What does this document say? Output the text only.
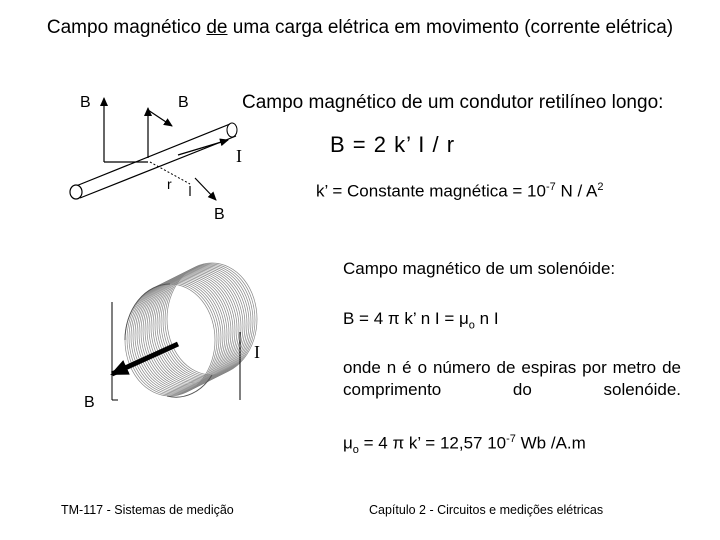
Campo magnético de uma carga elétrica em movimento (corrente elétrica)
B	B
B
I
r
Campo magnético de um condutor retilíneo longo:
B = 2 k’ I / r
k’ = Constante magnética = $10^{-7}$ N / $A^2$
B
I
Campo magnético de um solenóide:
B = 4 π k’ n $I = \mu_o$ n I
onde n é o número de espiras por metro de comprimento do solenóide.
$\mu_o = 4$ π k’ = 12,57 $10^{-7}$ Wb /A.m
TM-117 - Sistemas de medição	Capítulo 2 - Circuitos e medições elétricas
